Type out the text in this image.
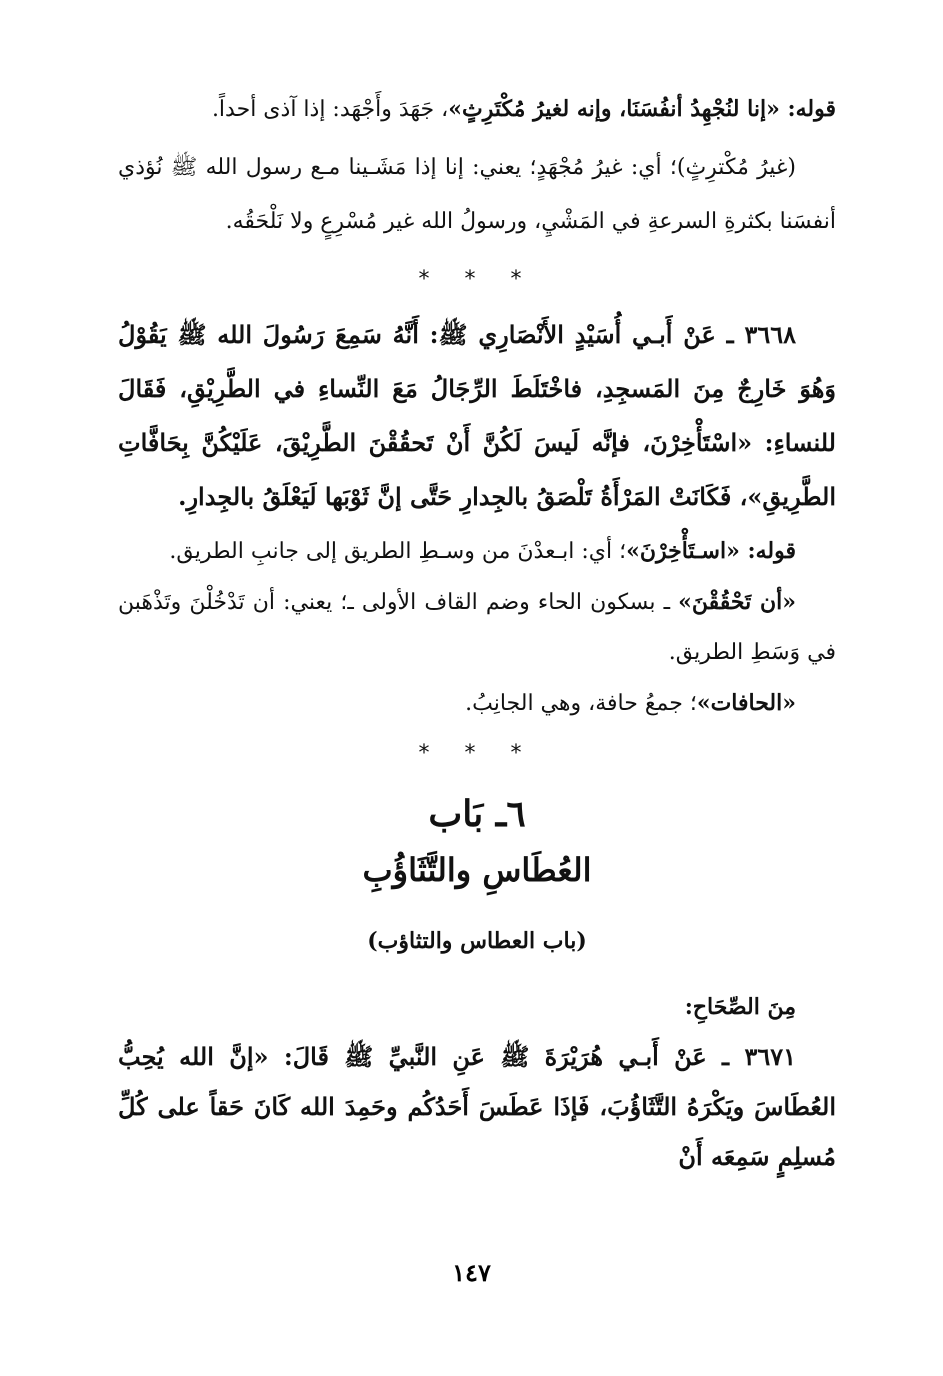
قوله: «إنا لنُجْهِدُ أنفُسَنَا، وإنه لغيرُ مُكْتَرِثٍ»، جَهَدَ وأَجْهَد: إذا آذى أحداً.

(غيرُ مُكْترِثٍ)؛ أي: غيرُ مُجْهَدٍ؛ يعني: إنا إذا مَشَـينا مـع رسول الله ﷺ نُؤذي أنفسَنا بكثرةِ السرعةِ في المَشْيِ، ورسولُ الله غير مُسْرِعٍ ولا نَلْحَقُه.

* * *

٣٦٦٨ ـ عَنْ أَبـي أُسَيْدٍ الأَنْصَارِي ﷺ: أَنَّهُ سَمِعَ رَسُولَ الله ﷺ يَقُوْلُ وَهُوَ خَارِجٌ مِنَ المَسجِدِ، فاخْتَلَطَ الرِّجَالُ مَعَ النِّساءِ في الطَّرِيْقِ، فَقَالَ للنساءِ: «اسْتَأْخِرْنَ، فإنَّه لَيسَ لَكُنَّ أَنْ تَحقُقْنَ الطَّرِيْقَ، عَلَيْكُنَّ بِحَافَّاتِ الطَّرِيقِ»، فَكَانَتْ المَرْأَةُ تَلْصَقُ بالجِدارِ حَتَّى إنَّ ثَوْبَها لَيَعْلَقُ بالجِدارِ.

قوله: «اسـتَأْخِرْنَ»؛ أي: ابـعدْنَ من وسـطِ الطريق إلى جانبِ الطريق.

«أن تَحْقُقْنَ» ـ بسكون الحاء وضم القاف الأولى ـ؛ يعني: أن تَدْخُلْنَ وتَذْهَبن في وَسَطِ الطريق.

«الحافات»؛ جمعُ حافة، وهي الجانِبُ.

* * *

٦ـ بَاب

العُطَاسِ والتَّثَاؤُبِ

(باب العطاس والتثاؤب)

مِنَ الصِّحَاحِ:

٣٦٧١ ـ عَنْ أَبـي هُرَيْرَةَ ﷺ عَنِ النَّبيِّ ﷺ قَالَ: «إنَّ الله يُحِبُّ العُطَاسَ ويَكْرَهُ التَّثَاؤُبَ، فَإذَا عَطَسَ أَحَدُكُم وحَمِدَ الله كَانَ حَقاً على كُلِّ مُسلِمٍ سَمِعَه أَنْ

١٤٧
